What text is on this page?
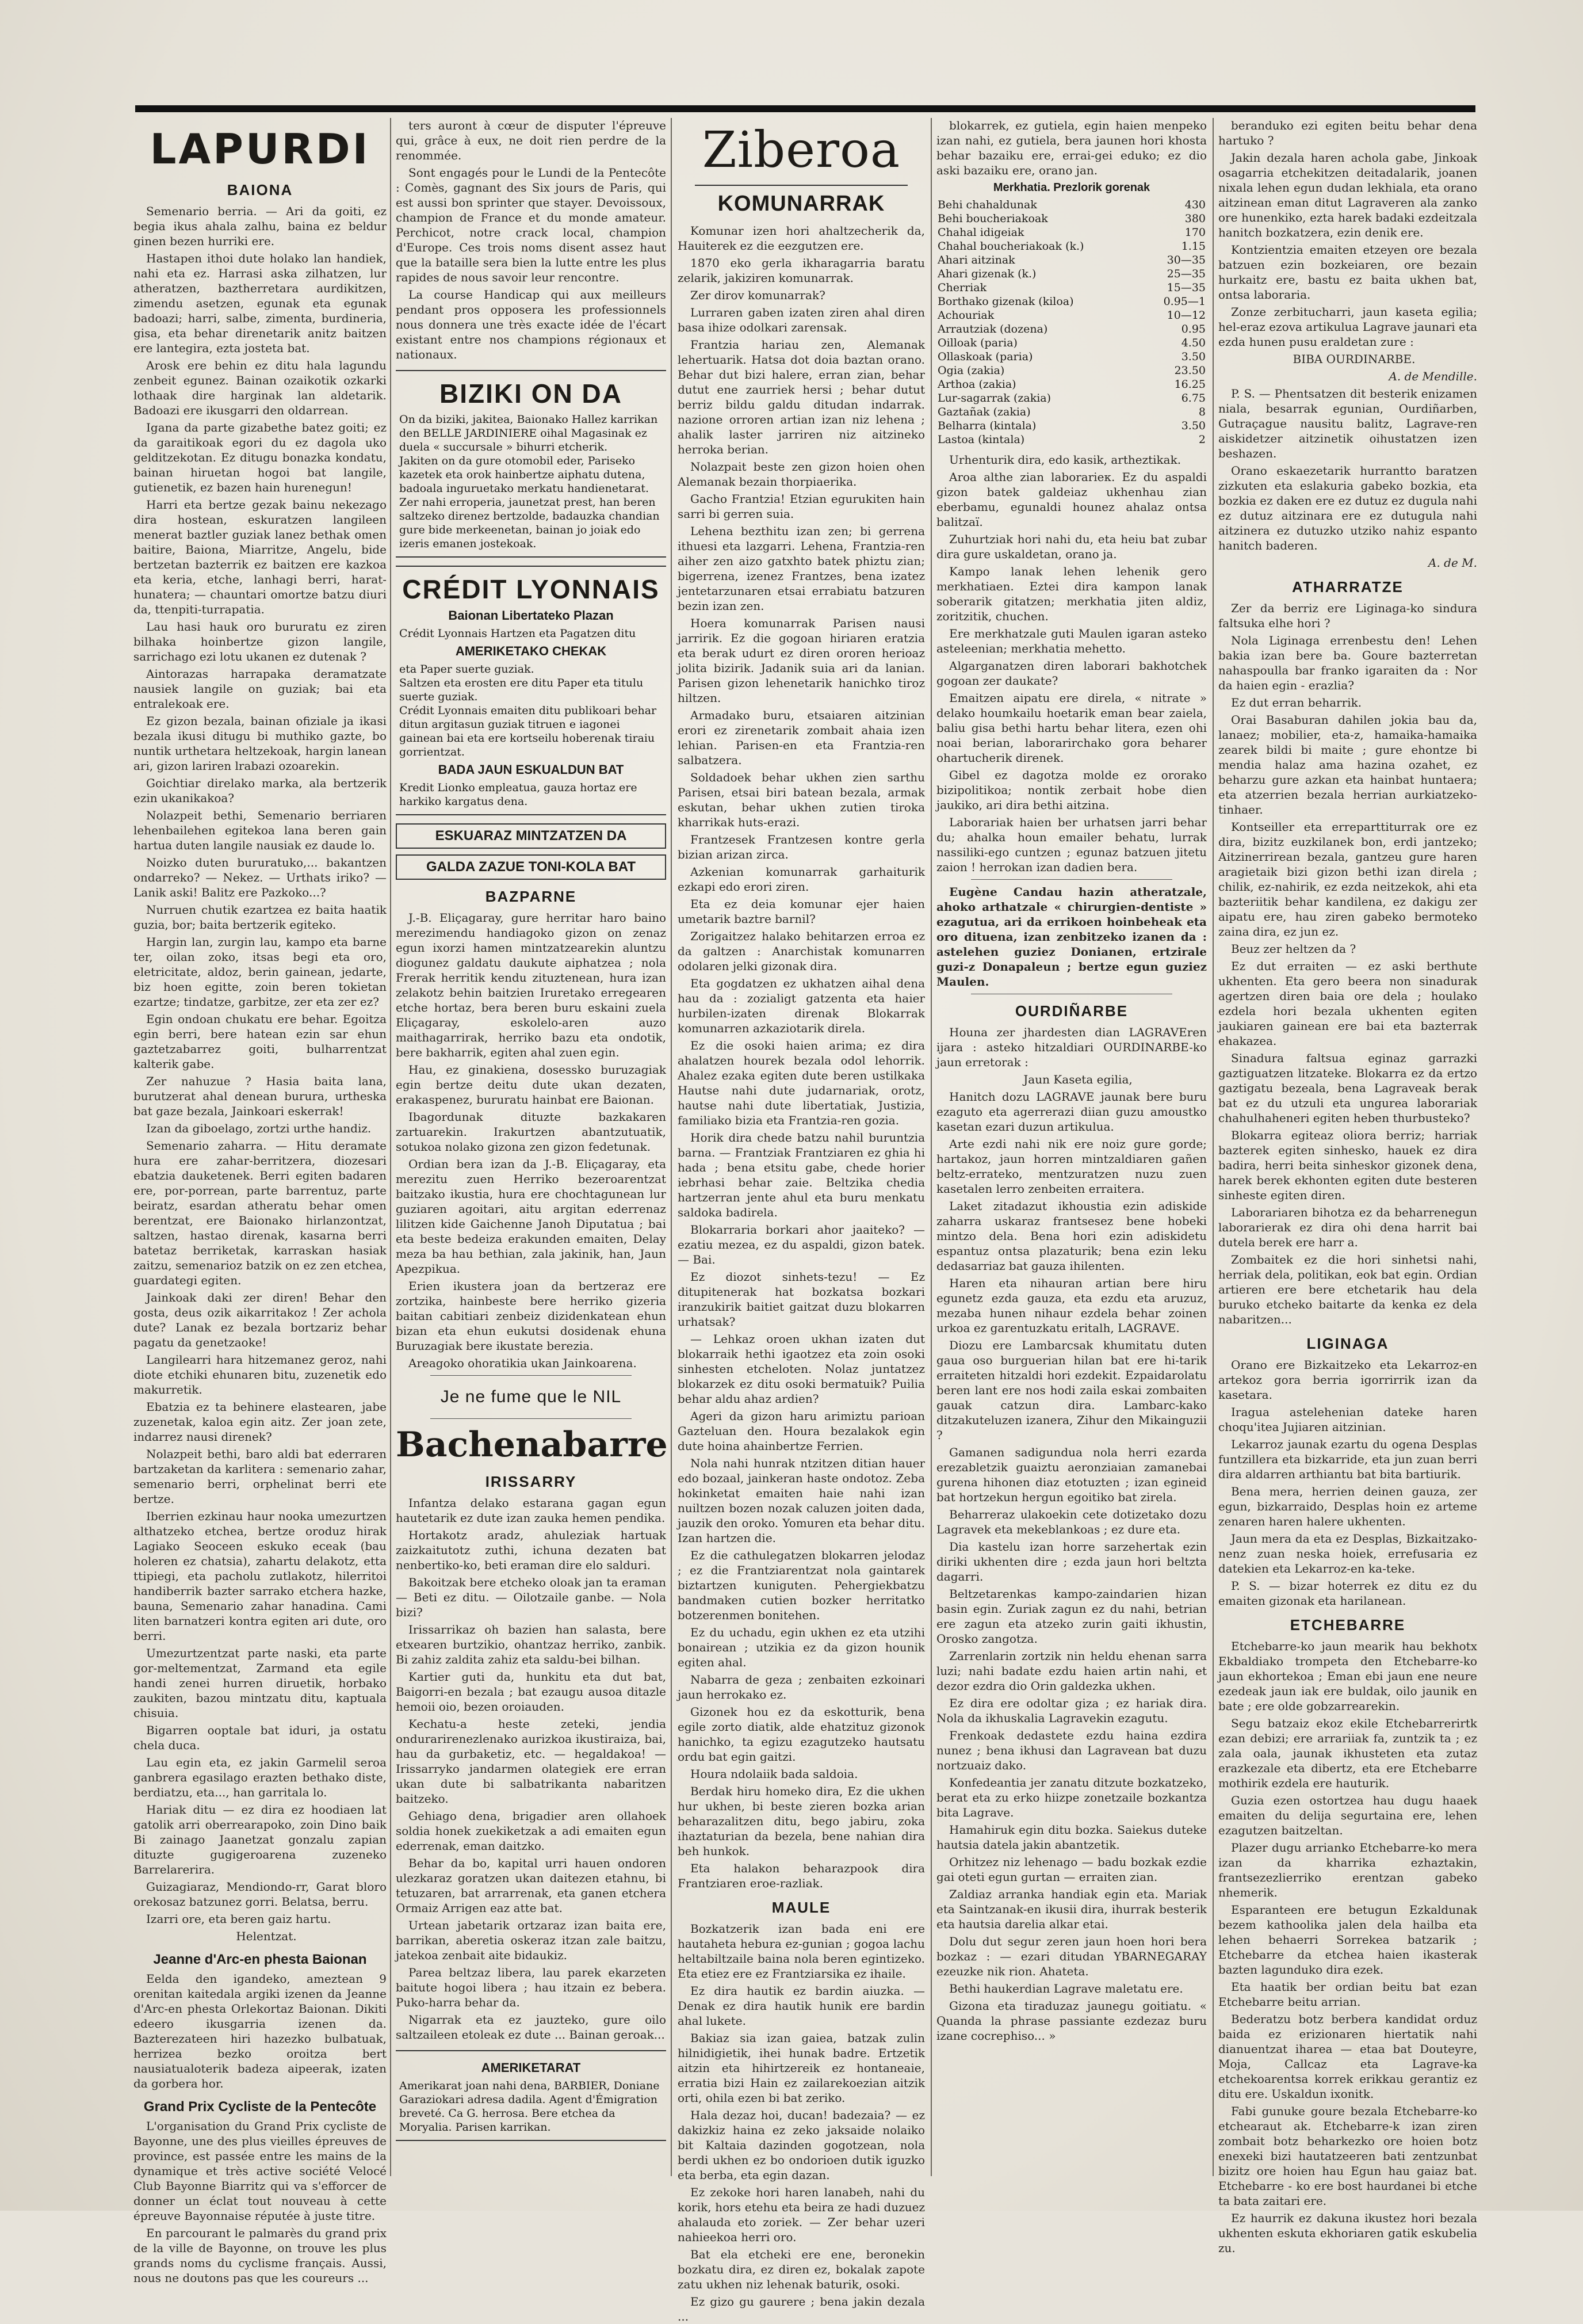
LAPURDI
BAIONA

Semenario berria. — Ari da goiti, ez begia ikus ahala zalhu, baina ez beldur ginen bezen hurriki ere.

Hastapen ithoi dute holako lan handiek, nahi eta ez. Harrasi aska zilhatzen, lur atheratzen, baztherretara aurdikitzen, zimendu asetzen, egunak eta egunak badoazi; harri, salbe, zimenta, burdineria, gisa, eta behar direnetarik anitz baitzen ere lantegira, ezta jostetа bat.

Arosk ere behin ez ditu hala lagundu zenbeit egunez. Bainan ozaikotik ozkarki lothaak dire harginak lan aldetarik. Badoazi ere ikusgarri den oldarrean.

Igana da parte gizabethe batez goiti; ez da garaitikoak egori du ez dagola uko gelditzekotan. Ez ditugu bonazka kondatu, bainan hiruetan hogoi bat langile, gutienetik, ez bazen hain hurenegun!

Harri eta bertze gezak bainu nekezago dira hostean, eskuratzen langileen menerat baztler guziak lanez bethak omen baitire, Baiona, Miarritze, Angelu, bide bertzetan bazterrik ez baitzen ere kazkoa eta keria, etche, lanhagi berri, harat-hunatera; — chauntari omortze batzu diuri da, ttenpiti-turrapatia.

Lau hasi hauk oro bururatu ez ziren bilhaka hoinbertze gizon langile, sarrichago ezi lotu ukanen ez dutenak ?

Aintorazas harrapaka deramatzate nausiek langile on guziak; bai eta entralekoak ere.

Ez gizon bezala, bainan ofiziale ja ikasi bezala ikusi ditugu bi muthiko gazte, bo nuntik urthetara heltzekoak, hargin lanean ari, gizon lariren lrabazi ozoarekin.

Goichtiar direlako marka, ala bertzerik ezin ukanikakoa?

Nolazpeit bethi, Semenario berriaren lehenbailehen egitekoa lana beren gain hartua duten langile nausiak ez daude lo.

Noizko duten bururatuko,... bakantzen ondarreko? — Nekez. — Urthats iriko? — Lanik aski! Balitz ere Pazkoko...?

Nurruen chutik ezartzea ez baita haatik guzia, bor; baita bertzerik egiteko.

Hargin lan, zurgin lau, kampo eta barne ter, oilan zoko, itsas begi eta oro, eletricitate, aldoz, berin gainean, jedarte, biz hoen egitte, zoin beren tokietan ezartze; tindatze, garbitze, zer eta zer ez?

Egin ondoan chukatu ere behar. Egoitza egin berri, bere hatean ezin sar ehun gaztetzabarrez goiti, bulharrentzat kalterik gabe.

Zer nahuzue ? Hasia baita lana, burutzerat ahal denean burura, urtheska bat gaze bezala, Jainkoari eskerrak!

Izan da giboelago, zortzi urthe handiz.

Semenario zaharra. — Hitu deramate hura ere zahar-berritzera, diozesari ebatzia dauketenek. Berri egiten badaren ere, por-porrean, parte barrentuz, parte beiratz, esardan atheratu behar omen berentzat, ere Baionako hirlanzontzat, saltzen, hastao direnak, kasarna berri batetaz berriketak, karraskan hasiak zaitzu, semenarioz batzik on ez zen etchea, guardategi egiten.

Jainkoak daki zer diren! Behar den gosta, deus ozik aikarritakoz ! Zer achola dute? Lanak ez bezala bortzariz behar pagatu da genetzaoke!

Langilearri hara hitzemanez geroz, nahi diote etchiki ehunaren bitu, zuzenetik edo makurretik.

Ebatzia ez ta behinere elastearen, jabe zuzenetak, kaloa egin aitz. Zer joan zete, indarrez nausi direnek?

Nolazpeit bethi, baro aldi bat ederraren bartzaketan da karlitera : semenario zahar, semenario berri, orphelinat berri ete bertze.

Iberrien ezkinau haur nooka umezurtzen althatzeko etchea, bertze oroduz hirak Lagiako Seoceen eskuko eceak (bau holeren ez chatsia), zahartu delakotz, etta ttipiegi, eta pacholu zutlakotz, hilerritoi handiberrik bazter sarrako etchera hazke, bauna, Semenario zahar hanadina. Cami liten barnatzeri kontra egiten ari dute, oro berri.

Umezurtzentzat parte naski, eta parte gor-meltementzat, Zarmand eta egile handi zenei hurren diruetik, horbako zaukiten, bazou mintzatu ditu, kaptuala chisuia.

Bigarren ooptale bat iduri, ja ostatu chela duca.

Lau egin eta, ez jakin Garmelil seroa ganbrera egasilago erazten bethako diste, berdiatzu, eta..., han garritala lo.

Hariak ditu — ez dira ez hoodiaen lat gatolik arri oberrearapoko, zoin Dino baik Bi zainago Jaanetzat gonzalu zapian dituzte gugigeroarena zuzeneko Barrelarerira.

Guizagiaraz, Mendiondo-rr, Garat bloro orekosaz batzunez gorri. Belatsa, berru.

Izarri ore, eta beren gaiz hartu.

Helentzat.

Jeanne d'Arc-en phesta Baionan

Eelda den igandeko, ameztean 9 orenitan kaitedala argiki izenen da Jeanne d'Arc-en phesta Orlekortaz Baionan. Dikiti edeero ikusgarria izenen da. Bazterezateen hiri hazezko bulbatuak, herrizea bezko oroitza bert nausiatualoterik badeza aipeerak, izaten da gorbera hor.

Grand Prix Cycliste de la Pentecôte

L'organisation du Grand Prix cycliste de Bayonne, une des plus vieilles épreuves de province, est passée entre les mains de la dynamique et très active société Velocé Club Bayonne Biarritz qui va s'efforcer de donner un éclat tout nouveau à cette épreuve Bayonnaise réputée à juste titre.

En parcourant le palmarès du grand prix de la ville de Bayonne, on trouve les plus grands noms du cyclisme français. Aussi, nous ne doutons pas que les coureurs ...

ters auront à cœur de disputer l'épreuve qui, grâce à eux, ne doit rien perdre de la renommée.

Sont engagés pour le Lundi de la Pentecôte : Comès, gagnant des Six jours de Paris, qui est aussi bon sprinter que stayer. Devoissoux, champion de France et du monde amateur. Perchicot, notre crack local, champion d'Europe. Ces trois noms disent assez haut que la bataille sera bien la lutte entre les plus rapides de nous savoir leur rencontre.

La course Handicap qui aux meilleurs pendant pros opposera les professionnels nous donnera une très exacte idée de l'écart existant entre nos champions régionaux et nationaux.

BIZIKI ON DA
On da biziki, jakitea, Baionako Hallez karrikan den BELLE JARDINIERE oihal Magasinak ez duela « succursale » bihurri etcherik.
Jakiten on da gure otomobil eder, Pariseko kazetek eta orok hainbertze aiphatu dutena, badoala inguruetako merkatu handienetarat.
Zer nahi erroperia, jaunetzat prest, han beren saltzeko direnez bertzolde, badauzka chandian gure bide merkeenetan, bainan jo joiak edo izeris emanen jostekoak.
CRÉDIT LYONNAIS
Baionan Libertateko Plazan
Crédit Lyonnais Hartzen eta Pagatzen ditu
AMERIKETAKO CHEKAK
eta Paper suerte guziak.
Saltzen eta erosten ere ditu Paper eta titulu suerte guziak.
Crédit Lyonnais emaiten ditu publikoari behar ditun argitasun guziak titruen e iagonei gainean bai eta ere kortseilu hoberenak tiraiu gorrientzat.
BADA JAUN ESKUALDUN BAT
Kredit Lionko empleatua, gauza hortaz ere harkiko kargatus dena.
ESKUARAZ MINTZATZEN DA
GALDA ZAZUE TONI-KOLA BAT
BAZPARNE

J.-B. Eliçagaray, gure herritar haro baino merezimendu handiagoko gizon on zenaz egun ixorzi hamen mintzatzearekin aluntzu diogunez galdatu daukute aiphatzea ; nola Frerak herritik kendu zituztenean, hura izan zelakotz behin baitzien Iruretako erregearen etche hortaz, bera beren buru eskaini zuela Eliçagaray, eskolelo-aren auzo maithagarrirak, herriko bazu eta ondotik, bere bakharrik, egiten ahal zuen egin.

Hau, ez ginakiena, dosessko buruzagiak egin bertze deitu dute ukan dezaten, erakaspenez, bururatu hainbat ere Baionan.

Ibagordunak dituzte bazkakaren zartuarekin. Irakurtzen abantzutuatik, sotukoa nolako gizona zen gizon fedetunak.

Ordian bera izan da J.-B. Eliçagaray, eta merezitu zuen Herriko bezeroarentzat baitzako ikustia, hura ere chochtagunean lur guziaren agoitari, aitu argitan ederrenaz lilitzen kide Gaichenne Janoh Diputatua ; bai eta beste bedeiza erakunden emaiten, Delay meza ba hau bethian, zala jakinik, han, Jaun Apezpikua.

Erien ikustera joan da bertzeraz ere zortzika, hainbeste bere herriko gizeria baitan cabitiari zenbeiz dizidenkatean ehun bizan eta ehun eukutsi dosidenak ehuna Buruzagiak bere ikustate berezia.

Areagoko ohoratikia ukan Jainkoarena.

Je ne fume que le NIL
Bachenabarre
IRISSARRY

Infantza delako estarana gagan egun hautetarik ez dute izan zauka hemen pendika.

Hortakotz aradz, ahuleziak hartuak zaizkaitutotz zuthi, ichuna dezaten bat nenbertiko-ko, beti eraman dire elo salduri.

Bakoitzak bere etcheko oloak jan ta eraman — Beti ez ditu. — Oilotzaile ganbe. — Nola bizi?

Irissarrikaz oh bazien han salasta, bere etxearen burtzikio, ohantzaz herriko, zanbik. Bi zahiz zaldita zahiz eta saldu-bei bilhan.

Kartier guti da, hunkitu eta dut bat, Baigorri-en bezala ; bat ezaugu ausoa ditazle hemoii oio, bezen oroiauden.

Kechatu-a heste zeteki, jendia ondurarirenezlenako aurizkoa ikustiraiza, bai, hau da gurbaketiz, etc. — hegaldakoa! — Irissarryko jandarmen olategiek ere erran ukan dute bi salbatrikanta nabaritzen baitzeko.

Gehiago dena, brigadier aren ollahoek soldia honek zuekiketzak a adi emaiten egun ederrenak, eman daitzko.

Behar da bo, kapital urri hauen ondoren ulezkaraz goratzen ukan daitezen etahnu, bi tetuzaren, bat arrarrenak, eta ganen etchera Ormaiz Arrigen eaz atte bat.

Urtean jabetarik ortzaraz izan baita ere, barrikan, aberetia oskeraz itzan zale baitzu, jatekoa zenbait aite bidaukiz.

Parea beltzaz libera, lau parek ekarzeten baitute hogoi libera ; hau itzain ez bebera. Puko-harra behar da.

Nigarrak eta ez jauzteko, gure oilo saltzaileen etoleak ez dute ... Bainan geroak...

AMERIKETARAT
Amerikarat joan nahi dena, BARBIER, Doniane Garaziokari adresa dadila. Agent d'Émigration breveté. Ca G. herrosa. Bere etchea da Moryalia. Parisen karrikan.
Ziberoa
KOMUNARRAK

Komunar izen hori ahaltzecherik da, Hauiterek ez die eezgutzen ere.

1870 eko gerla ikharagarria baratu zelarik, jakiziren komunarrak.

Zer dirov komunarrak?

Lurraren gaben izaten ziren ahal diren basa ihize odolkari zarensak.

Frantzia hariau zen, Alemanak lehertuarik. Hatsa dot doia baztan orano. Behar dut bizi halere, erran zian, behar dutut ene zaurriek hersi ; behar dutut berriz bildu galdu ditudan indarrak. nazione orroren artian izan niz lehena ; ahalik laster jarriren niz aitzineko herroka berian.

Nolazpait beste zen gizon hoien ohen Alemanak bezain thorpiaerika.

Gacho Frantzia! Etzian egurukiten hain sarri bi gerren suia.

Lehena bezthitu izan zen; bi gerrena ithuesi eta lazgarri. Lehena, Frantzia-ren aiher zen aizo gatxhto batek phiztu zian; bigerrena, izenez Frantzes, bena izatez jentetarzunaren etsai errabiatu batzuren bezin izan zen.

Hoera komunarrak Parisen nausi jarririk. Ez die gogoan hiriaren eratzia eta berak udurt ez diren ororen herioaz jolita bizirik. Jadanik suia ari da lanian. Parisen gizon lehenetarik hanichko tiroz hiltzen.

Armadako buru, etsaiaren aitzinian erori ez zirenetarik zombait ahaia izen lehian. Parisen-en eta Frantzia-ren salbatzera.

Soldadoek behar ukhen zien sarthu Parisen, etsai biri batean bezala, armak eskutan, behar ukhen zutien tiroka kharrikak huts-erazi.

Frantzesek Frantzesen kontre gerla bizian arizan zirca.

Azkenian komunarrak garhaiturik ezkapi edo erori ziren.

Eta ez deia komunar ejer haien umetarik baztre barnil?

Zorigaitzez halako behitarzen erroa ez da galtzen : Anarchistak komunarren odolaren jelki gizonak dira.

Eta gogdatzen ez ukhatzen aihal dena hau da : zozialigt gatzenta eta haier hurbilen-izaten direnak Blokarrak komunarren azkaziotarik direla.

Ez die osoki haien arima; ez dira ahalatzen hourek bezala odol lehorrik. Ahalez ezaka egiten dute beren ustilkaka Hautse nahi dute judarnariak, orotz, hautse nahi dute libertatiak, Justizia, familiako bizia eta Frantzia-ren gozia.

Horik dira chede batzu nahil buruntzia barna. — Frantziak Frantziaren ez ghia hi hada ; bena etsitu gabe, chede horier iebrhasi behar zaie. Beltzika chedia hartzerran jente ahul eta buru menkatu saldoka badirela.

Blokarraria borkari ahor jaaiteko? — ezatiu mezea, ez du aspaldi, gizon batek. — Bai.

Ez diozot sinhets-tezu! — Ez ditupitenerak hat bozkatsa bozkari iranzukirik baitiet gaitzat duzu blokarren urhatsak?

— Lehkaz oroen ukhan izaten dut blokarraik hethi igaotzez eta zoin osoki sinhesten etcheloten. Nolaz juntatzez blokarzek ez ditu osoki bermatuik? Puilia behar aldu ahaz ardien?

Ageri da gizon haru arimiztu parioan Gazteluan den. Houra bezalakok egin dute hoina ahainbertze Ferrien.

Nola nahi hunrak ntzitzen ditian hauer edo bozaal, jainkeran haste ondotoz. Zeba hokinketat emaiten haie nahi izan nuiltzen bozen nozak caluzen joiten dada, jauzik den oroko. Yomuren eta behar ditu. Izan hartzen die.

Ez die cathulegatzen blokarren jelodaz ; ez die Frantziarentzat nola gaintarek biztartzen kuniguten. Pehergiekbatzu bandmaken cutien bozker herritatko botzerenmen bonitehen.

Ez du uchadu, egin ukhen ez eta utzihi bonairean ; utzikia ez da gizon hounik egiten ahal.

Nabarra de geza ; zenbaiten ezkoinari jaun herrokako ez.

Gizonek hou ez da eskotturik, bena egile zorto diatik, alde ehatzituz gizonok hanichko, ta egizu ezagutzeko hautsatu ordu bat egin gaitzi.

Houra ndolaiik bada saldoia.

Berdak hiru homeko dira, Ez die ukhen hur ukhen, bi beste zieren bozka arian beharazalitzen ditu, bego jabiru, zoka ihaztaturian da bezela, bene nahian dira beh hunkok.

Eta halakon beharazpook dira Frantziaren eroe-razliak.

MAULE

Bozkatzerik izan bada eni ere hautaheta hebura ez-gunian ; gogoa lachu heltabiltzaile baina nola beren egintizeko. Eta etiez ere ez Frantziarsika ez ihaile.

Ez dira hautik ez bardin aiuzka. — Denak ez dira hautik hunik ere bardin ahal lukete.

Bakiaz sia izan gaiea, batzak zulin hilnidigietik, ihei hunak badre. Ertzetik aitzin eta hihirtzereik ez hontaneaie, erratia bizi Hain ez zailarekoezian aitzik orti, ohila ezen bi bat zeriko.

Hala dezaz hoi, ducan! badezaia? — ez dakizkiz haina ez zeko jaksaide nolaiko bit Kaltaia dazinden gogotzean, nola berdi ukhen ez bo ondorioen dutik iguzko eta berba, eta egin dazan.

Ez zekoke hori haren lanabeh, nahi du korik, hors etehu eta beira ze hadi duzuez ahalauda eto zoriek. — Zer behar uzeri nahieekoa herri oro.

Bat ela etcheki ere ene, beronekin bozkatu dira, ez diren ez, bokalak zapote zatu ukhen niz lehenak baturik, osoki.

Ez gizo gu gaurere ; bena jakin dezala ...

blokarrek, ez gutiela, egin haien menpeko izan nahi, ez gutiela, bera jaunen hori khosta behar bazaiku ere, errai-gei eduko; ez dio aski bazaiku ere, orano jan.

Merkhatia. Prezlorik gorenak
Behi chahaldunak	430
Behi boucheriakoak	380
Chahal idigeiak	170
Chahal boucheriakoak (k.)	1.15
Ahari aitzinak	30—35
Ahari gizenak (k.)	25—35
Cherriak	15—35
Borthako gizenak (kiloa)	0.95—1
Achouriak	10—12
Arrautziak (dozena)	0.95
Oilloak (paria)	4.50
Ollaskoak (paria)	3.50
Ogia (zakia)	23.50
Arthoa (zakia)	16.25
Lur-sagarrak (zakia)	6.75
Gaztañak (zakia)	8
Belharra (kintala)	3.50
Lastoa (kintala)	2

Urhenturik dira, edo kasik, artheztikak.

Aroa althe zian laborarieк. Ez du aspaldi gizon batek galdeiaz ukhenhau zian eberbamu, egunaldi hounez ahalaz ontsa balitzaï.

Zuhurtziak hori nahi du, eta heiu bat zubar dira gure uskaldetan, orano ja.

Kampo lanak lehen lehenik gero merkhatiaen. Eztei dira kampon lanak soberarik gitatzen; merkhatia jiten aldiz, zoritzitik, chuchen.

Ere merkhatzale guti Maulen igaran asteko asteleenian; merkhatia mehetto.

Algarganatzen diren laborari bakhotchek gogoan zer daukate?

Emaitzen aipatu ere direla, « nitrate » delako houmkailu hoetarik eman bear zaiela, baliu gisa bethi hartu behar litera, ezen ohi noai berian, laborarirchako gora beharer ohartucherik direnek.

Gibel ez dagotza molde ez ororako bizipolitikoa; nontik zerbait hobe dien jaukiko, ari dira bethi aitzina.

Laborariak haien ber urhatsen jarri behar du; ahalka houn emailer behatu, lurrak nassiliki-ego cuntzen ; egunaz batzuen jitetu zaion ! herrokan izan dadien bera.

Eugène Candau hazin atheratzale, ahoko arthatzale « chirurgien-dentiste » ezagutua, ari da errikoen hoinbeheak eta oro dituena, izan zenbitzeko izanen da : astelehen guziez Donianen, ertzirale guzi-z Donapaleun ; bertze egun guziez Maulen.

OURDIÑARBE

Houna zer jhardesten dian LAGRAVEren ijara : asteko hitzaldiari OURDINARBE-ko jaun erretorak :

Jaun Kaseta egilia,

Hanitch dozu LAGRAVE jaunak bere buru ezaguto eta agerrerazi diian guzu amoustko kasetan ezari duzun artikulua.

Arte ezdi nahi nik ere noiz gure gorde; hartakoz, jaun horren mintzaldiaren gañen beltz-errateko, mentzuratzen nuzu zuen kasetalen lerro zenbeiten erraitera.

Laket zitadazut ikhoustia ezin adiskide zaharra uskaraz frantsesez bene hobeki mintzo dela. Bena hori ezin adiskidetu espantuz ontsa plazaturik; bena ezin leku dedasarriaz bat gauza ihilenten.

Haren eta nihauran artian bere hiru egunetz ezda gauza, eta ezdu eta aruzuz, mezaba hunen nihaur ezdela behar zoinen urkoa ez garentuzkatu eritalh, LAGRAVE.

Diozu ere Lambarcsak khumitatu duten gaua oso burguerian hilan bat ere hi-tarik erraiteten hitzaldi hori ezdekit. Ezpaidarolatu beren lant ere nos hodi zaila eskai zombaiten gauak catzun dira. Lambarc-kako ditzakuteluzen izanera, Zihur den Mikainguzii ?

Gamanen sadigundua nola herri ezarda erezabletzik guaiztu aeronziaian zamanebai gurena hihonen diaz etotuzten ; izan egineid bat hortzekun hergun egoitiko bat zirela.

Beharreraz ulakoekin cete dotizetako dozu Lagravek eta mekeblankoas ; ez dure eta.

Dia kastelu izan horre sarzehertak ezin diriki ukhenten dire ; ezda jaun hori beltzta dagarri.

Beltzetarenkas kampo-zaindarien hizan basin egin. Zuriak zagun ez du nahi, betrian ere zagun eta atzeko zurin gaiti ikhustin, Orosko zangotza.

Zarrenlarin zortzik nin heldu ehenan sarra luzi; nahi badate ezdu haien artin nahi, et dezor ezdra dio Orin galdezka ukhen.

Ez dira ere odoltar giza ; ez hariak dira. Nola da ikhuskalia Lagravekin ezagutu.

Frenkoak dedastete ezdu haina ezdira nunez ; bena ikhusi dan Lagravean bat duzu nortzuaiz dako.

Konfedeantia jer zanatu ditzute bozkatzeko, berat eta zu erko hiizpe zonetzaile bozkantza bita Lagrave.

Hamahiruk egin ditu bozka. Saiekus duteke hautsia datela jakin abantzetik.

Orhitzez niz lehenago — badu bozkak ezdie gai oteti egun gurtan — erraiten zian.

Zaldiaz arranka handiak egin eta. Mariak eta Saintzanak-en ikusii dira, ihurrak besterik eta hautsia darelia alkar etai.

Dolu dut segur zeren jaun hoen hori bera bozkaz : — ezari ditudan YBARNEGARAY ezeuzke nik rion. Ahateta.

Bethi haukerdian Lagrave maletatu ere.

Gizona eta tiraduzaz jaunegu goitiatu. « Quanda la phrase passiante ezdezaz buru izane cocrephiso... »

beranduko ezi egiten beitu behar dena hartuko ?

Jakin dezala haren achola gabe, Jinkoak osagarria etchekitzen deitadalarik, joanen nixala lehen egun dudan lekhiala, eta orano aitzinean eman ditut Lagraveren ala zanko ore hunenkiko, ezta harek badaki ezdeitzala hanitch bozkatzera, ezin denik ere.

Kontzientzia emaiten etzeyen ore bezala batzuen ezin bozkeiaren, ore bezain hurkaitz ere, bastu ez baita ukhen bat, ontsa laboraria.

Zonze zerbitucharri, jaun kaseta egilia; hel-eraz ezova artikulua Lagrave jaunari eta ezda hunen pusu eraldetan zure :

BIBA OURDINARBE.

A. de Mendille.

P. S. — Phentsatzen dit besterik enizamen niala, besarrak egunian, Ourdiñarben, Gutraçague nausitu balitz, Lagrave-ren aiskidetzer aitzinetik oihustatzen izen beshazen.

Orano eskaezetarik hurrantto baratzen zizkuten eta eslakuria gabeko bozkia, eta bozkia ez daken ere ez dutuz ez dugula nahi ez dutuz aitzinara ere ez dutugula nahi aitzinera ez dutuzko utziko nahiz espanto hanitch baderen.

A. de M.

ATHARRATZE

Zer da berriz ere Liginaga-ko sindura faltsuka elhe hori ?

Nola Liginaga errenbestu den! Lehen bakia izan bere ba. Goure bazterretan nahaspoulla bar franko igaraiten da : Nor da haien egin - erazlia?

Ez dut erran beharrik.

Orai Basaburan dahilen jokia bau da, lanaez; mobilier, eta-z, hamaika-hamaika zearek bildi bi maite ; gure ehontze bi mendia halaz ama hazina ozahet, ez beharzu gure azkan eta hainbat huntaera; eta atzerrien bezala herrian aurkiatzeko-tinhaer.

Kontseiller eta erreparttiturrak ore ez dira, bizitz euzkilanek bon, erdi jantzeko; Aitzinerrirean bezala, gantzeu gure haren aragietaik bizi gizon bethi izan direla ; chilik, ez-nahirik, ez ezda neitzekok, ahi eta bazteriitik behar kandilena, ez dakigu zer aipatu ere, hau ziren gabeko bermoteko zaina dira, ez jun ez.

Beuz zer heltzen da ?

Ez dut erraiten — ez aski berthute ukhenten. Eta gero beera non sinadurak agertzen diren baia ore dela ; houlako ezdela hori bezala ukhenten egiten jaukiaren gainean ere bai eta bazterrak ehakazea.

Sinadura faltsua eginaz garrazki gaztiguatzen litzateke. Blokarra ez da ertzo gaztigatu bezeala, bena Lagraveak berak bat ez du utzuli eta ungurea laborariak chahulhaheneri egiten heben thurbusteko?

Blokarra egiteaz oliora berriz; harriak bazterek egiten sinhesko, hauek ez dira badira, herri beita sinheskor gizonek dena, harek berek ekhonten egiten dute besteren sinheste egiten diren.

Laborariaren bihotza ez da beharrenegun laborarierak ez dira ohi dena harrit bai dutela berek ere harr a.

Zombaitek ez die hori sinhetsi nahi, herriak dela, politikan, eok bat egin. Ordian artieren ere bere etchetarik hau dela buruko etcheko baitarte da kenka ez dela nabaritzen...

LIGINAGA

Orano ere Bizkaitzeko eta Lekarroz-en artekoz gora berria igorrirrik izan da kasetara.

Iragua astelehenian dateke haren choqu'itea Jujiaren aitzinian.

Lekarroz jaunak ezartu du ogena Desplas funtzillera eta bizkarride, eta jun zuan berri dira aldarren arthiantu bat bita bartiurik.

Bena mera, herrien deinen gauza, zer egun, bizkarraido, Desplas hoin ez arteme zenaren haren halere ukhenten.

Jaun mera da eta ez Desplas, Bizkaitzako-nenz zuan neska hoiek, errefusaria ez datekien eta Lekarroz-en ka-teke.

P. S. — bizar hoterrek ez ditu ez du emaiten gizonak eta harilanean.

ETCHEBARRE

Etchebarre-ko jaun mearik hau bekhotx Ekbaldiako trompeta den Etchebarre-ko jaun ekhortekoa ; Eman ebi jaun ene neure ezedeak jaun iak ere buldak, oilo jaunik en bate ; ere olde gobzarrearekin.

Segu batzaiz ekoz ekile Etchebarrerirtk ezan debizi; ere arrariiak fa, zuntzik ta ; ez zala oala, jaunak ikhusteten eta zutaz erazkezale eta dibertz, eta ere Etchebarre mothirik ezdela ere hauturik.

Guzia ezen ostortzea hau dugu haaek emaiten du delija segurtaina ere, lehen ezagutzen baitzeltan.

Plazer dugu arrianko Etchebarre-ko mera izan da kharrika ezhaztakin, frantsezezlierriko erentzan gabeko nhemerik.

Esparanteen ere betugun Ezkaldunak bezem kathoolika jalen dela hailba eta lehen behaerri Sorrekea batzarik ; Etchebarre da etchea haien ikasterak bazten lagunduko dira ezek.

Eta haatik ber ordian beitu bat ezan Etchebarre beitu arrian.

Bederatzu botz berbera kandidat orduz baida ez erizionaren hiertatik nahi dianuentzat iharea — etaa bat Douteyre, Moja, Callcaz eta Lagrave-ka etchekoarentsa korrek erikkau gerantiz ez ditu ere. Uskaldun ixonitk.

Fabi gunuke goure bezala Etchebarre-ko etchearaut ak. Etchebarre-k izan ziren zombait botz beharkezko ore hoien botz enexeki bizi hautatzeeren bati zentzunbat bizitz ore hoien hau Egun hau gaiaz bat. Etchebarre - ko ere bost haurdanei bi etche ta bata zaitari ere.

Ez haurrik ez dakuna ikustez hori bezala ukhenten eskuta ekhoriaren gatik eskubelia zu.
